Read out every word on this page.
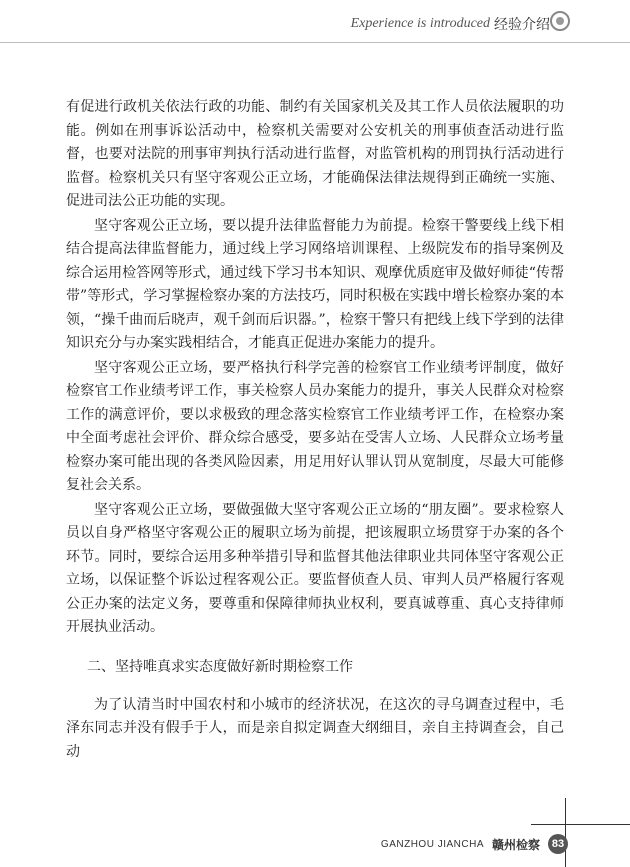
Experience is introduced 经验介绍

有促进行政机关依法行政的功能、制约有关国家机关及其工作人员依法履职的功能。例如在刑事诉讼活动中，检察机关需要对公安机关的刑事侦查活动进行监督，也要对法院的刑事审判执行活动进行监督，对监管机构的刑罚执行活动进行监督。检察机关只有坚守客观公正立场，才能确保法律法规得到正确统一实施、促进司法公正功能的实现。

坚守客观公正立场，要以提升法律监督能力为前提。检察干警要线上线下相结合提高法律监督能力，通过线上学习网络培训课程、上级院发布的指导案例及综合运用检答网等形式，通过线下学习书本知识、观摩优质庭审及做好师徒“传帮带”等形式，学习掌握检察办案的方法技巧，同时积极在实践中增长检察办案的本领，“操千曲而后晓声，观千剑而后识器。”，检察干警只有把线上线下学到的法律知识充分与办案实践相结合，才能真正促进办案能力的提升。

坚守客观公正立场，要严格执行科学完善的检察官工作业绩考评制度，做好检察官工作业绩考评工作，事关检察人员办案能力的提升，事关人民群众对检察工作的满意评价，要以求极致的理念落实检察官工作业绩考评工作，在检察办案中全面考虑社会评价、群众综合感受，要多站在受害人立场、人民群众立场考量检察办案可能出现的各类风险因素，用足用好认罪认罚从宽制度，尽最大可能修复社会关系。

坚守客观公正立场，要做强做大坚守客观公正立场的“朋友圈”。要求检察人员以自身严格坚守客观公正的履职立场为前提，把该履职立场贯穿于办案的各个环节。同时，要综合运用多种举措引导和监督其他法律职业共同体坚守客观公正立场，以保证整个诉讼过程客观公正。要监督侦查人员、审判人员严格履行客观公正办案的法定义务，要尊重和保障律师执业权利，要真诚尊重、真心支持律师开展执业活动。

二、坚持唯真求实态度做好新时期检察工作

为了认清当时中国农村和小城市的经济状况，在这次的寻乌调查过程中，毛泽东同志并没有假手于人，而是亲自拟定调查大纲细目，亲自主持调查会，自己动

GANZHOU JIANCHA 赣州检察	83
